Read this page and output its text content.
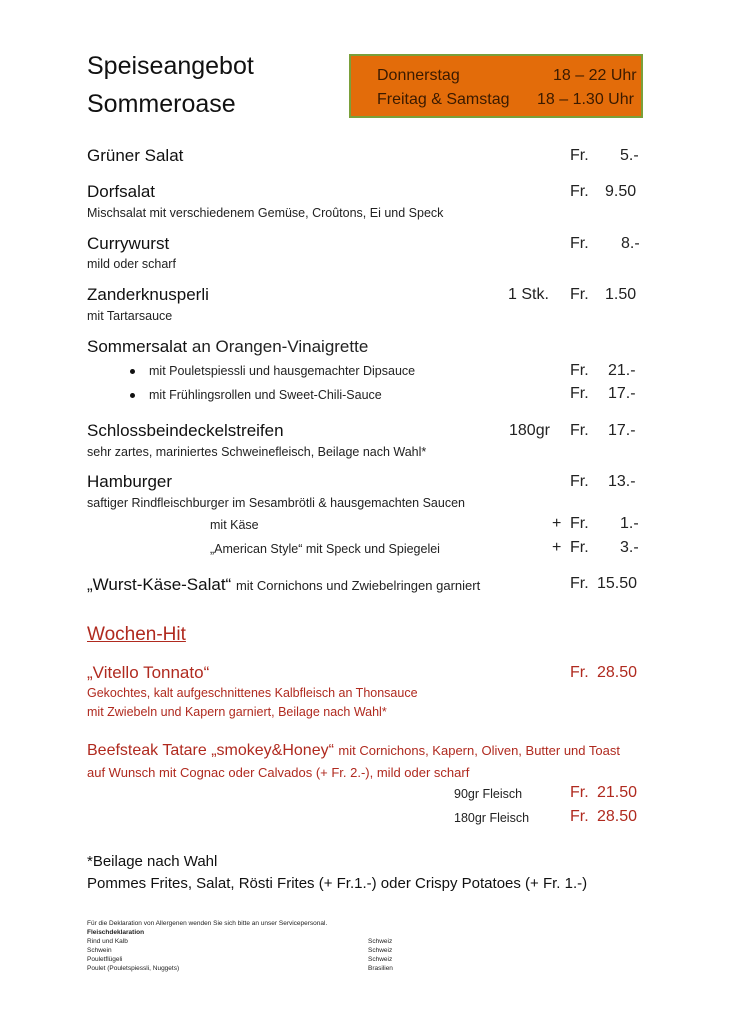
Speiseangebot
Sommeroase
Donnerstag	18 – 22 Uhr
Freitag & Samstag 18 – 1.30 Uhr
Grüner Salat	Fr. 5.-
Dorfsalat	Fr. 9.50
Mischsalat mit verschiedenem Gemüse, Croûtons, Ei und Speck
Currywurst	Fr. 8.-
mild oder scharf
Zanderknusperli	1 Stk. Fr. 1.50
mit Tartarsauce
Sommersalat an Orangen-Vinaigrette
mit Pouletspiessli und hausgemachter Dipsauce	Fr. 21.-
mit Frühlingsrollen und Sweet-Chili-Sauce	Fr. 17.-
Schlossbeindeckelstreifen	180gr Fr. 17.-
sehr zartes, mariniertes Schweinefleisch, Beilage nach Wahl*
Hamburger	Fr. 13.-
saftiger Rindfleischburger im Sesambrötli & hausgemachten Saucen
mit Käse	+ Fr. 1.-
„American Style“ mit Speck und Spiegelei	+ Fr. 3.-
„Wurst-Käse-Salat“ mit Cornichons und Zwiebelringen garniert	Fr. 15.50
Wochen-Hit
„Vitello Tonnato“	Fr. 28.50
Gekochtes, kalt aufgeschnittenes Kalbfleisch an Thonsauce
mit Zwiebeln und Kapern garniert, Beilage nach Wahl*
Beefsteak Tatare „smokey&Honey“ mit Cornichons, Kapern, Oliven, Butter und Toast
auf Wunsch mit Cognac oder Calvados (+ Fr. 2.-), mild oder scharf
90gr Fleisch	Fr. 21.50
180gr Fleisch	Fr. 28.50
*Beilage nach Wahl
Pommes Frites, Salat, Rösti Frites (+ Fr.1.-) oder Crispy Potatoes (+ Fr. 1.-)
Für die Deklaration von Allergenen wenden Sie sich bitte an unser Servicepersonal.
Fleischdeklaration
Rind und Kalb	Schweiz
Schwein	Schweiz
Pouletflügeli	Schweiz
Poulet (Pouletspiessli, Nuggets)	Brasilien
